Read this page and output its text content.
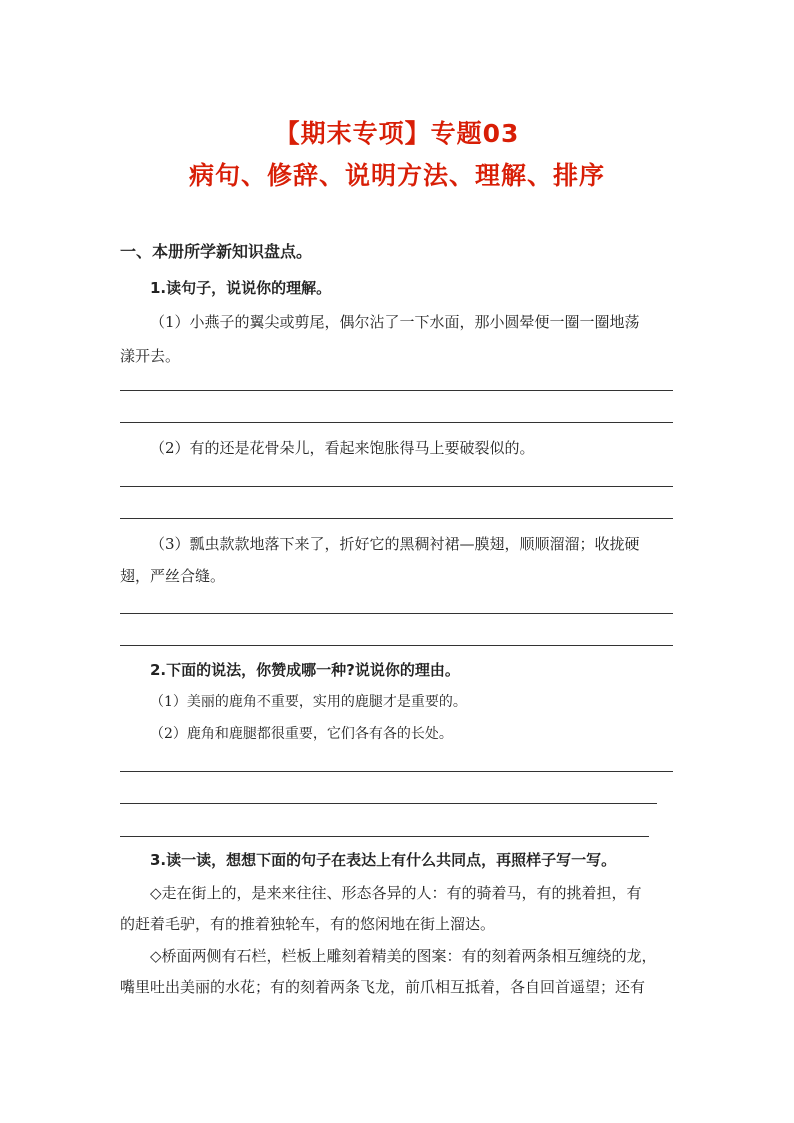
【期末专项】专题03
病句、修辞、说明方法、理解、排序
一、本册所学新知识盘点。
1.读句子，说说你的理解。
（1）小燕子的翼尖或剪尾，偶尔沾了一下水面，那小圆晕便一圈一圈地荡
漾开去。
（2）有的还是花骨朵儿，看起来饱胀得马上要破裂似的。
（3）瓢虫款款地落下来了，折好它的黑稠衬裙—膜翅，顺顺溜溜；收拢硬
翅，严丝合缝。
2.下面的说法，你赞成哪一种?说说你的理由。
（1）美丽的鹿角不重要，实用的鹿腿才是重要的。
（2）鹿角和鹿腿都很重要，它们各有各的长处。
3.读一读，想想下面的句子在表达上有什么共同点，再照样子写一写。
◇走在街上的，是来来往往、形态各异的人：有的骑着马，有的挑着担，有
的赶着毛驴，有的推着独轮车，有的悠闲地在街上溜达。
◇桥面两侧有石栏，栏板上雕刻着精美的图案：有的刻着两条相互缠绕的龙，
嘴里吐出美丽的水花；有的刻着两条飞龙，前爪相互抵着，各自回首遥望；还有
